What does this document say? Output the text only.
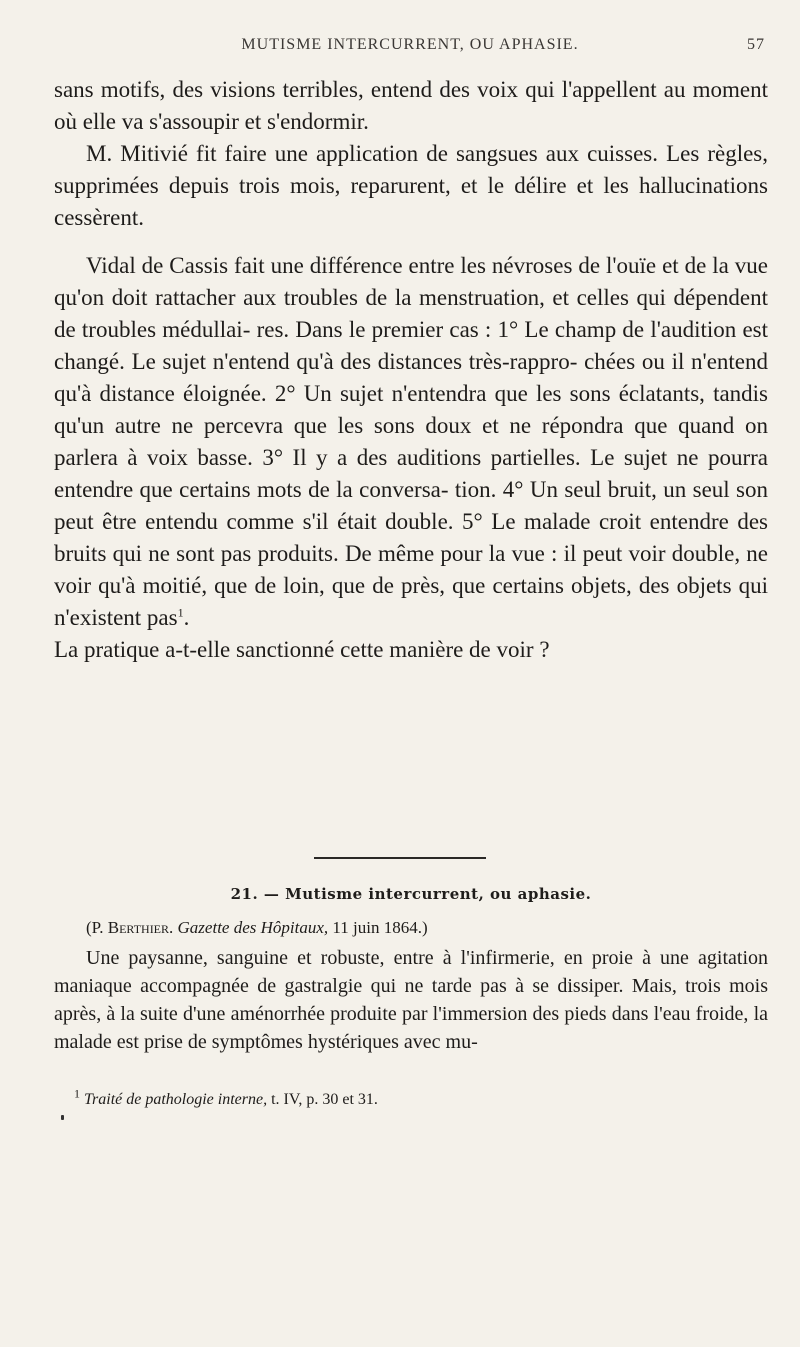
MUTISME INTERCURRENT, OU APHASIE.	57

sans motifs, des visions terribles, entend des voix qui l'appellent au moment où elle va s'assoupir et s'endormir.
M. Mitivié fit faire une application de sangsues aux cuisses. Les règles, supprimées depuis trois mois, reparurent, et le délire et les hallucinations cessèrent.

Vidal de Cassis fait une différence entre les névroses de l'ouïe et de la vue qu'on doit rattacher aux troubles de la menstruation, et celles qui dépendent de troubles médullai- res. Dans le premier cas : 1° Le champ de l'audition est changé. Le sujet n'entend qu'à des distances très-rappro- chées ou il n'entend qu'à distance éloignée. 2° Un sujet n'entendra que les sons éclatants, tandis qu'un autre ne percevra que les sons doux et ne répondra que quand on parlera à voix basse. 3° Il y a des auditions partielles. Le sujet ne pourra entendre que certains mots de la conversa- tion. 4° Un seul bruit, un seul son peut être entendu comme s'il était double. 5° Le malade croit entendre des bruits qui ne sont pas produits. De même pour la vue : il peut voir double, ne voir qu'à moitié, que de loin, que de près, que certains objets, des objets qui n'existent pas$^1$.
La pratique a-t-elle sanctionné cette manière de voir ?

21. — Mutisme intercurrent, ou aphasie.
(P. Berthier. Gazette des Hôpitaux, 11 juin 1864.)

Une paysanne, sanguine et robuste, entre à l'infirmerie, en proie à une agitation maniaque accompagnée de gastralgie qui ne tarde pas à se dissiper. Mais, trois mois après, à la suite d'une aménorrhée produite par l'immersion des pieds dans l'eau froide, la malade est prise de symptômes hystériques avec mu-

$^1$ Traité de pathologie interne, t. IV, p. 30 et 31.
